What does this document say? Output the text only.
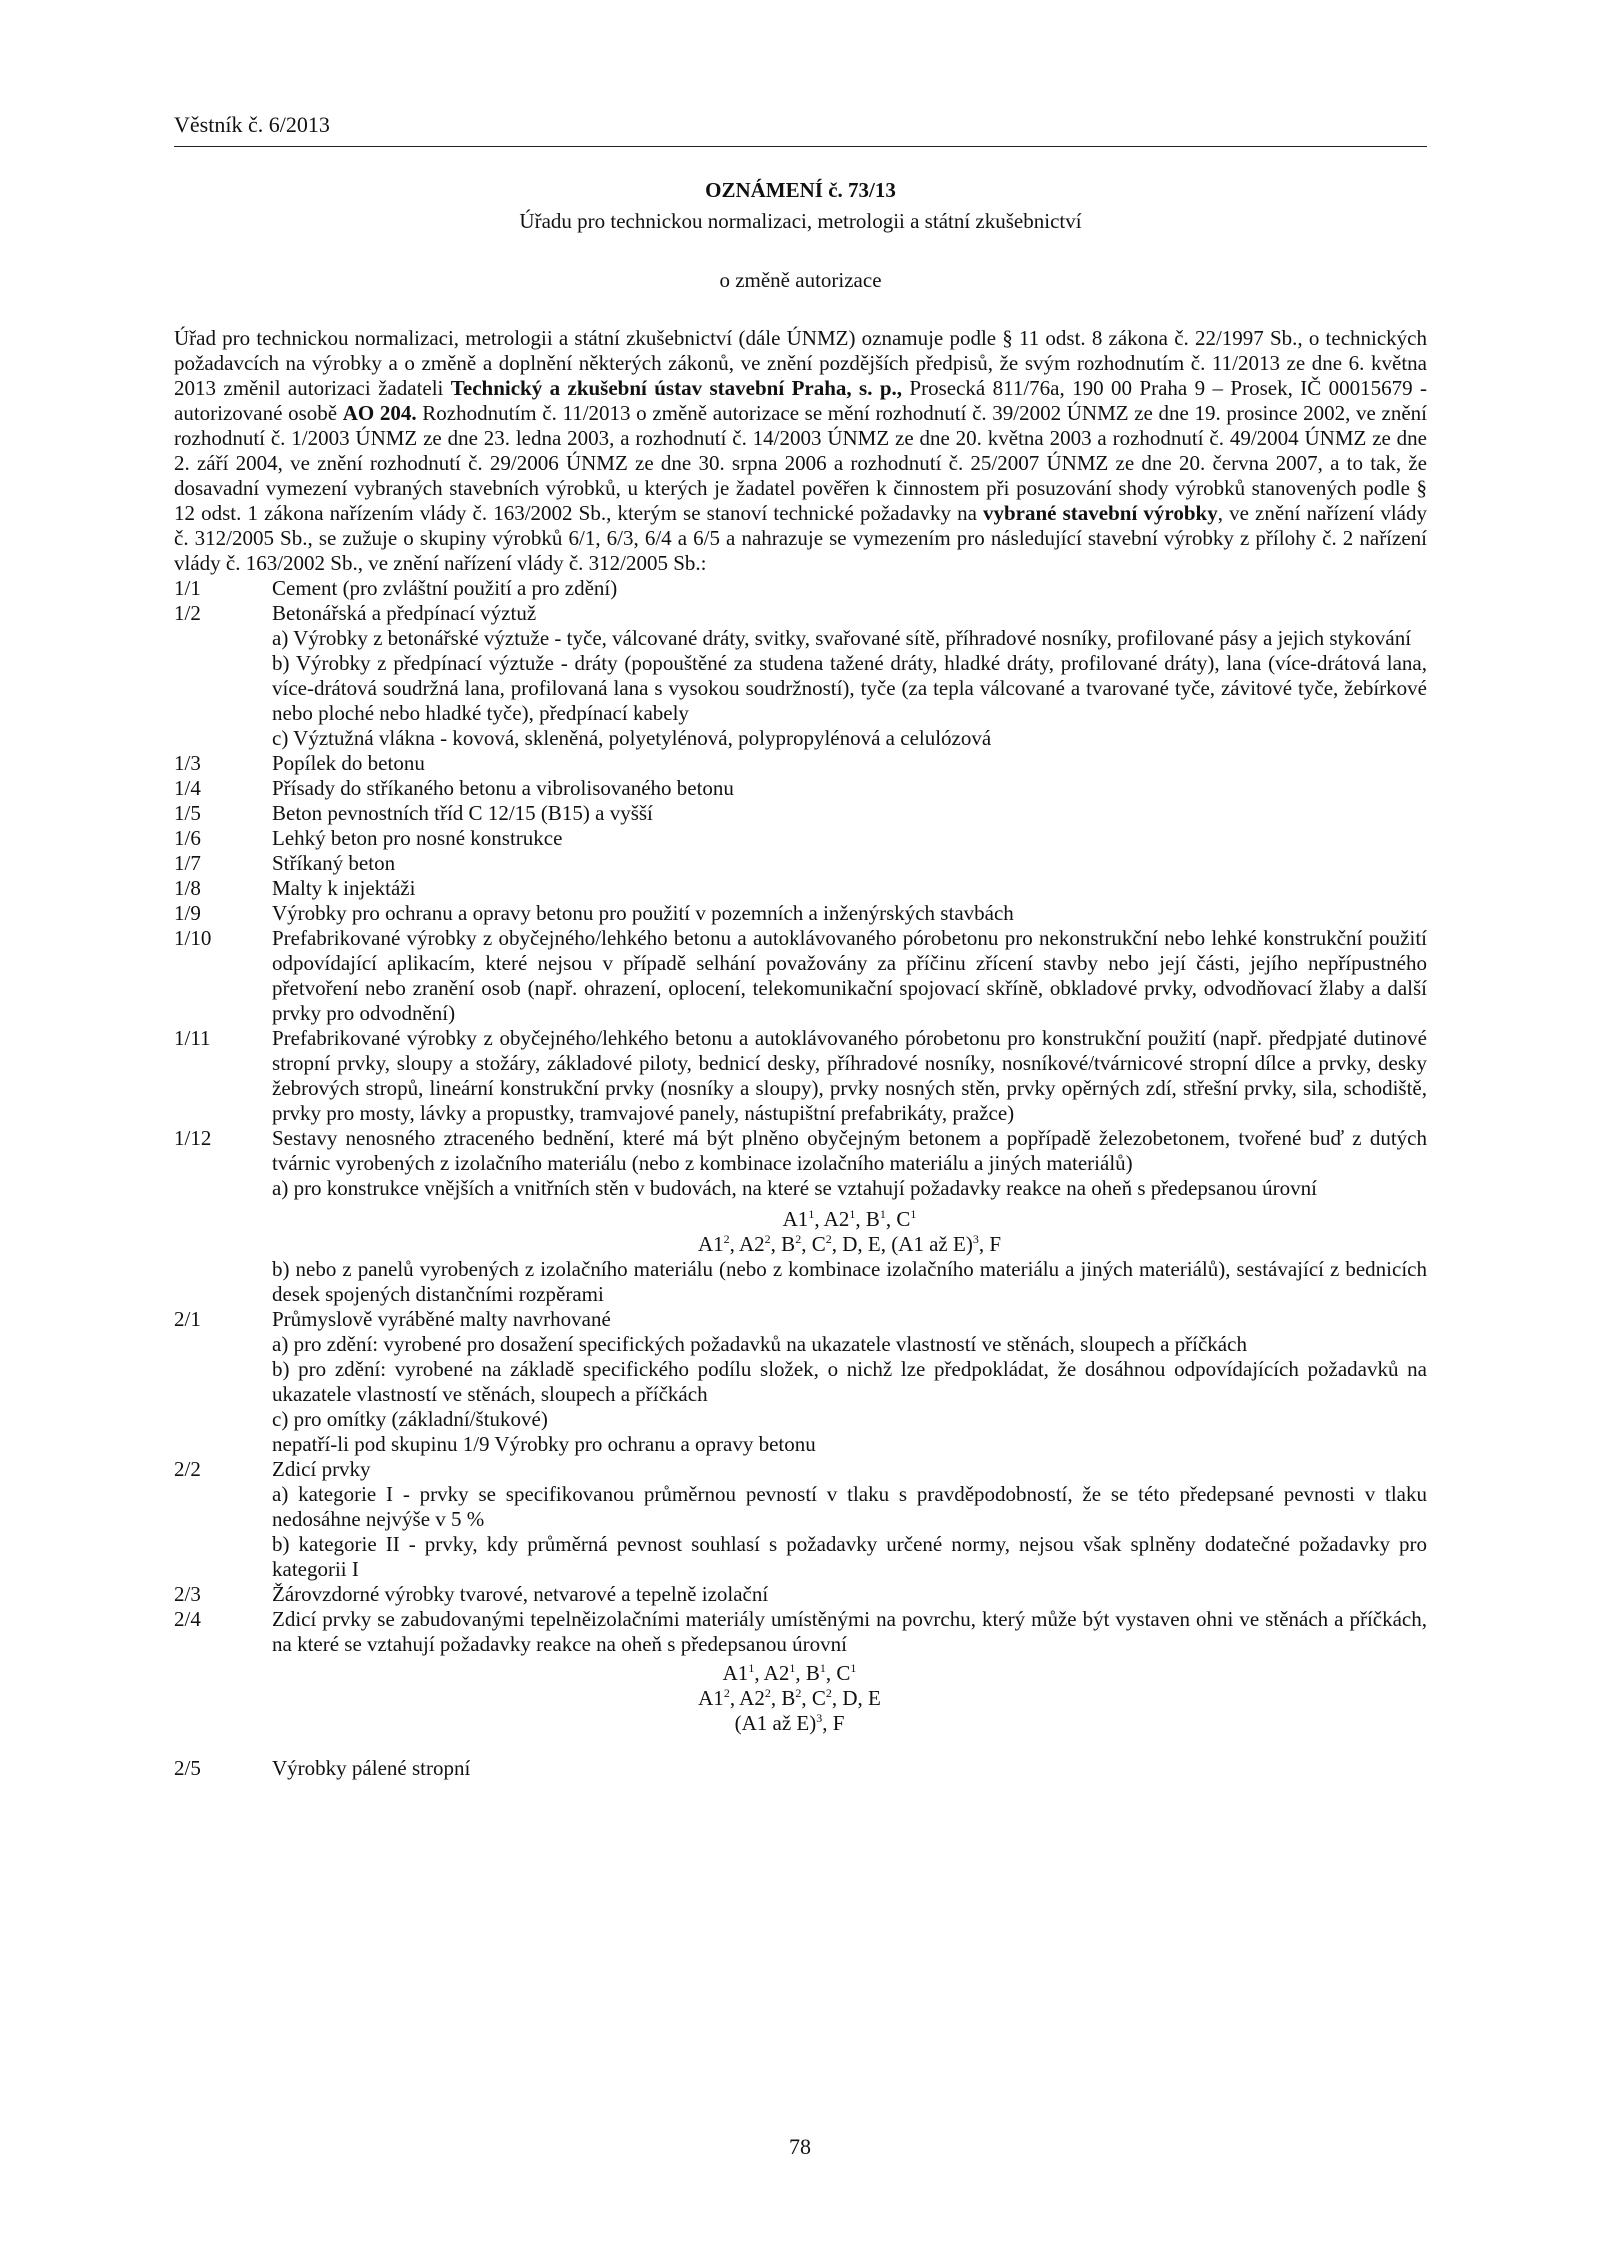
Věstník č. 6/2013
OZNÁMENÍ č. 73/13
Úřadu pro technickou normalizaci, metrologii a státní zkušebnictví
o změně autorizace
Úřad pro technickou normalizaci, metrologii a státní zkušebnictví (dále ÚNMZ) oznamuje podle § 11 odst. 8 zákona č. 22/1997 Sb., o technických požadavcích na výrobky a o změně a doplnění některých zákonů, ve znění pozdějších předpisů, že svým rozhodnutím č. 11/2013 ze dne 6. května 2013 změnil autorizaci žadateli Technický a zkušební ústav stavební Praha, s. p., Prosecká 811/76a, 190 00 Praha 9 – Prosek, IČ 00015679 - autorizované osobě AO 204. Rozhodnutím č. 11/2013 o změně autorizace se mění rozhodnutí č. 39/2002 ÚNMZ ze dne 19. prosince 2002, ve znění rozhodnutí č. 1/2003 ÚNMZ ze dne 23. ledna 2003, a rozhodnutí č. 14/2003 ÚNMZ ze dne 20. května 2003 a rozhodnutí č. 49/2004 ÚNMZ ze dne 2. září 2004, ve znění rozhodnutí č. 29/2006 ÚNMZ ze dne 30. srpna 2006 a rozhodnutí č. 25/2007 ÚNMZ ze dne 20. června 2007, a to tak, že dosavadní vymezení vybraných stavebních výrobků, u kterých je žadatel pověřen k činnostem při posuzování shody výrobků stanovených podle § 12 odst. 1 zákona nařízením vlády č. 163/2002 Sb., kterým se stanoví technické požadavky na vybrané stavební výrobky, ve znění nařízení vlády č. 312/2005 Sb., se zužuje o skupiny výrobků 6/1, 6/3, 6/4 a 6/5 a nahrazuje se vymezením pro následující stavební výrobky z přílohy č. 2 nařízení vlády č. 163/2002 Sb., ve znění nařízení vlády č. 312/2005 Sb.:
1/1	Cement (pro zvláštní použití a pro zdění)
1/2	Betonářská a předpínací výztuž
a) Výrobky z betonářské výztuže - tyče, válcované dráty, svitky, svařované sítě, příhradové nosníky, profilované pásy a jejich stykování
b) Výrobky z předpínací výztuže - dráty (popouštěné za studena tažené dráty, hladké dráty, profilované dráty), lana (více-drátová lana, více-drátová soudržná lana, profilovaná lana s vysokou soudržností), tyče (za tepla válcované a tvarované tyče, závitové tyče, žebírkové nebo ploché nebo hladké tyče), předpínací kabely
c) Výztužná vlákna - kovová, skleněná, polyetylénová, polypropylénová a celulózová
1/3	Popílek do betonu
1/4	Přísady do stříkaného betonu a vibrolisovaného betonu
1/5	Beton pevnostních tříd C 12/15 (B15) a vyšší
1/6	Lehký beton pro nosné konstrukce
1/7	Stříkaný beton
1/8	Malty k injektáži
1/9	Výrobky pro ochranu a opravy betonu pro použití v pozemních a inženýrských stavbách
1/10	Prefabrikované výrobky z obyčejného/lehkého betonu a autoklávovaného pórobetonu pro nekonstrukční nebo lehké konstrukční použití odpovídající aplikacím, které nejsou v případě selhání považovány za příčinu zřícení stavby nebo její části, jejího nepřípustného přetvoření nebo zranění osob (např. ohrazení, oplocení, telekomunikační spojovací skříně, obkladové prvky, odvodňovací žlaby a další prvky pro odvodnění)
1/11	Prefabrikované výrobky z obyčejného/lehkého betonu a autoklávovaného pórobetonu pro konstrukční použití (např. předpjaté dutinové stropní prvky, sloupy a stožáry, základové piloty, bednicí desky, příhradové nosníky, nosníkové/tvárnicové stropní dílce a prvky, desky žebrových stropů, lineární konstrukční prvky (nosníky a sloupy), prvky nosných stěn, prvky opěrných zdí, střešní prvky, sila, schodiště, prvky pro mosty, lávky a propustky, tramvajové panely, nástupištní prefabrikáty, pražce)
1/12	Sestavy nenosného ztraceného bednění, které má být plněno obyčejným betonem a popřípadě železobetonem, tvořené buď z dutých tvárnic vyrobených z izolačního materiálu (nebo z kombinace izolačního materiálu a jiných materiálů)
a) pro konstrukce vnějších a vnitřních stěn v budovách, na které se vztahují požadavky reakce na oheň s předepsanou úrovní
$A1^1$, $A2^1$, $B^1$, $C^1$
$A1^2$, $A2^2$, $B^2$, $C^2$, D, E, (A1 až E)$^3$, F
b) nebo z panelů vyrobených z izolačního materiálu (nebo z kombinace izolačního materiálu a jiných materiálů), sestávající z bednicích desek spojených distančními rozpěrami
2/1	Průmyslově vyráběné malty navrhované
a) pro zdění: vyrobené pro dosažení specifických požadavků na ukazatele vlastností ve stěnách, sloupech a příčkách
b) pro zdění: vyrobené na základě specifického podílu složek, o nichž lze předpokládat, že dosáhnou odpovídajících požadavků na ukazatele vlastností ve stěnách, sloupech a příčkách
c) pro omítky (základní/štukové)
nepatří-li pod skupinu 1/9 Výrobky pro ochranu a opravy betonu
2/2	Zdicí prvky
a) kategorie I - prvky se specifikovanou průměrnou pevností v tlaku s pravděpodobností, že se této předepsané pevnosti v tlaku nedosáhne nejvýše v 5 %
b) kategorie II - prvky, kdy průměrná pevnost souhlasí s požadavky určené normy, nejsou však splněny dodatečné požadavky pro kategorii I
2/3	Žárovzdorné výrobky tvarové, netvarové a tepelně izolační
2/4	Zdicí prvky se zabudovanými tepelněizolačními materiály umístěnými na povrchu, který může být vystaven ohni ve stěnách a příčkách, na které se vztahují požadavky reakce na oheň s předepsanou úrovní
$A1^1$, $A2^1$, $B^1$, $C^1$
$A1^2$, $A2^2$, $B^2$, $C^2$, D, E
(A1 až E)$^3$, F
2/5	Výrobky pálené stropní
78
